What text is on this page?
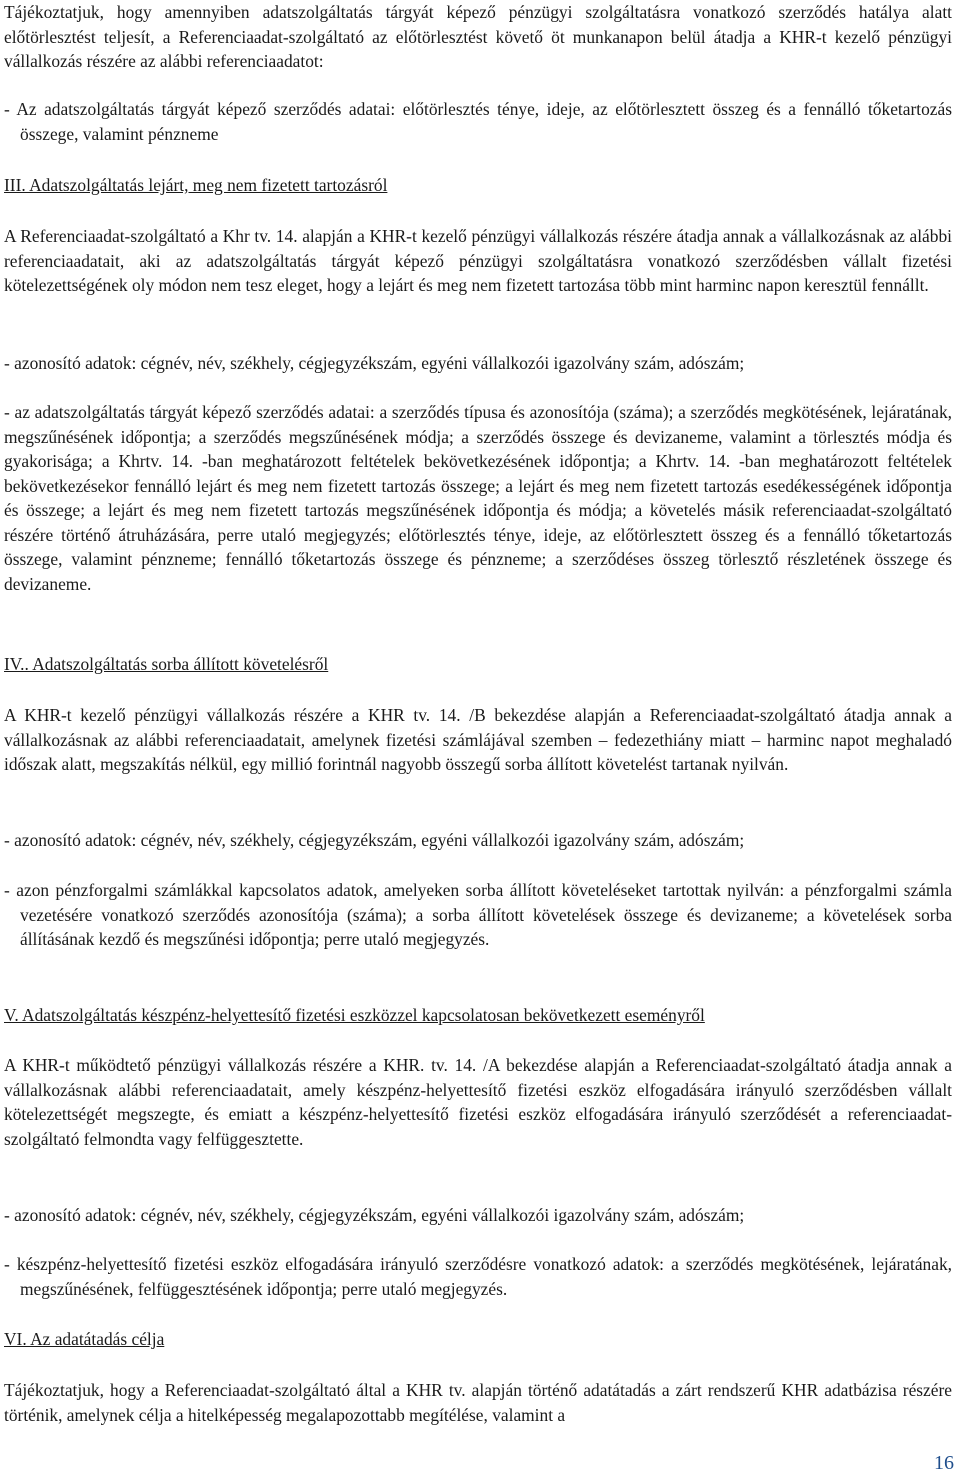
Tájékoztatjuk, hogy amennyiben adatszolgáltatás tárgyát képező pénzügyi szolgáltatásra vonatkozó szerződés hatálya alatt előtörlesztést teljesít, a Referenciaadat-szolgáltató az előtörlesztést követő öt munkanapon belül átadja a KHR-t kezelő pénzügyi vállalkozás részére az alábbi referenciaadatot:

- Az adatszolgáltatás tárgyát képező szerződés adatai: előtörlesztés ténye, ideje, az előtörlesztett összeg és a fennálló tőketartozás összege, valamint pénzneme

III. Adatszolgáltatás lejárt, meg nem fizetett tartozásról

A Referenciaadat-szolgáltató a Khr tv. 14. alapján a KHR-t kezelő pénzügyi vállalkozás részére átadja annak a vállalkozásnak az alábbi referenciaadatait, aki az adatszolgáltatás tárgyát képező pénzügyi szolgáltatásra vonatkozó szerződésben vállalt fizetési kötelezettségének oly módon nem tesz eleget, hogy a lejárt és meg nem fizetett tartozása több mint harminc napon keresztül fennállt.

- azonosító adatok: cégnév, név, székhely, cégjegyzékszám, egyéni vállalkozói igazolvány szám, adószám;

- az adatszolgáltatás tárgyát képező szerződés adatai: a szerződés típusa és azonosítója (száma); a szerződés megkötésének, lejáratának, megszűnésének időpontja; a szerződés megszűnésének módja; a szerződés összege és devizaneme, valamint a törlesztés módja és gyakorisága; a Khrtv. 14. -ban meghatározott feltételek bekövetkezésének időpontja; a Khrtv. 14. -ban meghatározott feltételek bekövetkezésekor fennálló lejárt és meg nem fizetett tartozás összege; a lejárt és meg nem fizetett tartozás esedékességének időpontja és összege; a lejárt és meg nem fizetett tartozás megszűnésének időpontja és módja; a követelés másik referenciaadat-szolgáltató részére történő átruházására, perre utaló megjegyzés; előtörlesztés ténye, ideje, az előtörlesztett összeg és a fennálló tőketartozás összege, valamint pénzneme; fennálló tőketartozás összege és pénzneme; a szerződéses összeg törlesztő részletének összege és devizaneme.

IV.. Adatszolgáltatás sorba állított követelésről

A KHR-t kezelő pénzügyi vállalkozás részére a KHR tv. 14. /B bekezdése alapján a Referenciaadat-szolgáltató átadja annak a vállalkozásnak az alábbi referenciaadatait, amelynek fizetési számlájával szemben – fedezethiány miatt – harminc napot meghaladó időszak alatt, megszakítás nélkül, egy millió forintnál nagyobb összegű sorba állított követelést tartanak nyilván.

- azonosító adatok: cégnév, név, székhely, cégjegyzékszám, egyéni vállalkozói igazolvány szám, adószám;

- azon pénzforgalmi számlákkal kapcsolatos adatok, amelyeken sorba állított követeléseket tartottak nyilván: a pénzforgalmi számla vezetésére vonatkozó szerződés azonosítója (száma); a sorba állított követelések összege és devizaneme; a követelések sorba állításának kezdő és megszűnési időpontja; perre utaló megjegyzés.

V. Adatszolgáltatás készpénz-helyettesítő fizetési eszközzel kapcsolatosan bekövetkezett eseményről

A KHR-t működtető pénzügyi vállalkozás részére a KHR. tv. 14. /A bekezdése alapján a Referenciaadat-szolgáltató átadja annak a vállalkozásnak alábbi referenciaadatait, amely készpénz-helyettesítő fizetési eszköz elfogadására irányuló szerződésben vállalt kötelezettségét megszegte, és emiatt a készpénz-helyettesítő fizetési eszköz elfogadására irányuló szerződését a referenciaadat-szolgáltató felmondta vagy felfüggesztette.

- azonosító adatok: cégnév, név, székhely, cégjegyzékszám, egyéni vállalkozói igazolvány szám, adószám;

- készpénz-helyettesítő fizetési eszköz elfogadására irányuló szerződésre vonatkozó adatok: a szerződés megkötésének, lejáratának, megszűnésének, felfüggesztésének időpontja; perre utaló megjegyzés.

VI. Az adatátadás célja

Tájékoztatjuk, hogy a Referenciaadat-szolgáltató által a KHR tv. alapján történő adatátadás a zárt rendszerű KHR adatbázisa részére történik, amelynek célja a hitelképesség megalapozottabb megítélése, valamint a

16
